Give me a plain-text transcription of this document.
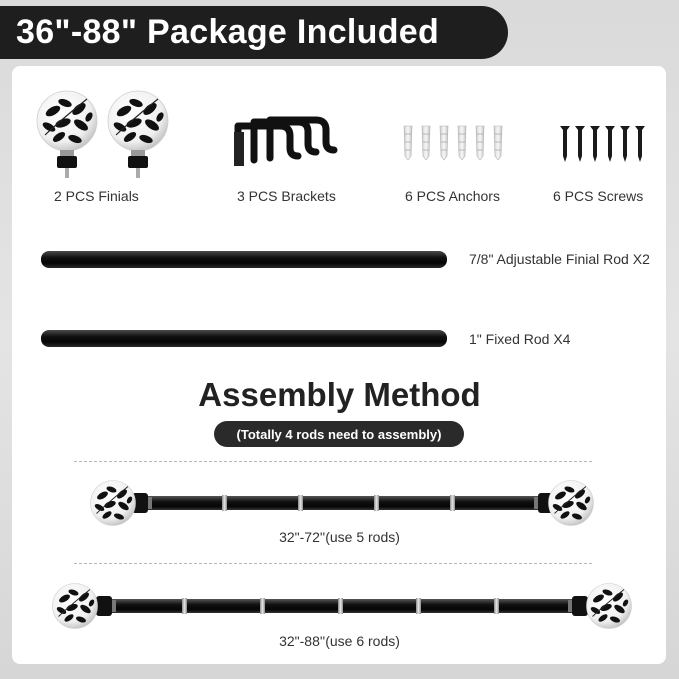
36"-88" Package Included
2 PCS Finials	3 PCS Brackets	6 PCS Anchors	6 PCS Screws
7/8" Adjustable Finial Rod X2
1" Fixed Rod X4
Assembly Method
(Totally 4 rods need to assembly)
32"-72''(use 5 rods)
32"-88''(use 6 rods)
